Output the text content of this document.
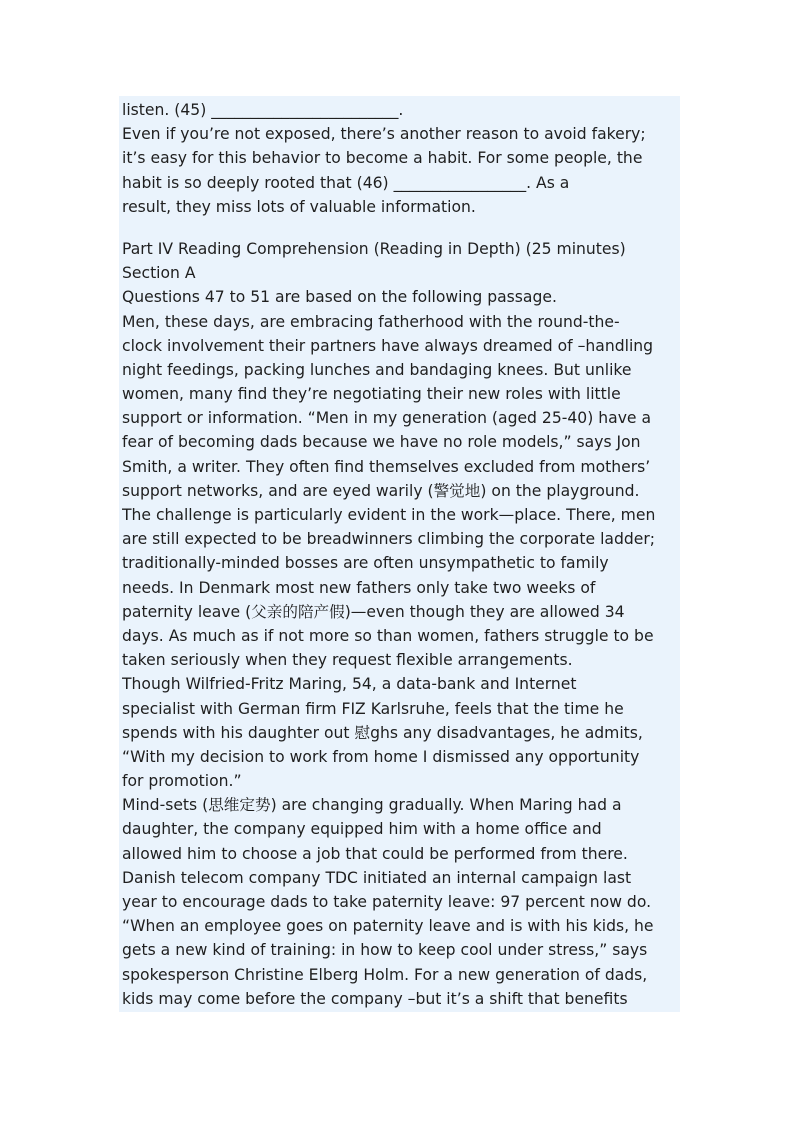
listen. (45) ________________________.
Even if you’re not exposed, there’s another reason to avoid fakery;
it’s easy for this behavior to become a habit. For some people, the
habit is so deeply rooted that (46) _________________. As a
result, they miss lots of valuable information.
Part IV Reading Comprehension (Reading in Depth) (25 minutes)
Section A
Questions 47 to 51 are based on the following passage.
Men, these days, are embracing fatherhood with the round-the-
clock involvement their partners have always dreamed of –handling
night feedings, packing lunches and bandaging knees. But unlike
women, many find they’re negotiating their new roles with little
support or information. “Men in my generation (aged 25-40) have a
fear of becoming dads because we have no role models,” says Jon
Smith, a writer. They often find themselves excluded from mothers’
support networks, and are eyed warily (警觉地) on the playground.
The challenge is particularly evident in the work—place. There, men
are still expected to be breadwinners climbing the corporate ladder;
traditionally-minded bosses are often unsympathetic to family
needs. In Denmark most new fathers only take two weeks of
paternity leave (父亲的陪产假)—even though they are allowed 34
days. As much as if not more so than women, fathers struggle to be
taken seriously when they request flexible arrangements.
Though Wilfried-Fritz Maring, 54, a data-bank and Internet
specialist with German firm FIZ Karlsruhe, feels that the time he
spends with his daughter out 慰ghs any disadvantages, he admits,
“With my decision to work from home I dismissed any opportunity
for promotion.”
Mind-sets (思维定势) are changing gradually. When Maring had a
daughter, the company equipped him with a home office and
allowed him to choose a job that could be performed from there.
Danish telecom company TDC initiated an internal campaign last
year to encourage dads to take paternity leave: 97 percent now do.
“When an employee goes on paternity leave and is with his kids, he
gets a new kind of training: in how to keep cool under stress,” says
spokesperson Christine Elberg Holm. For a new generation of dads,
kids may come before the company –but it’s a shift that benefits
